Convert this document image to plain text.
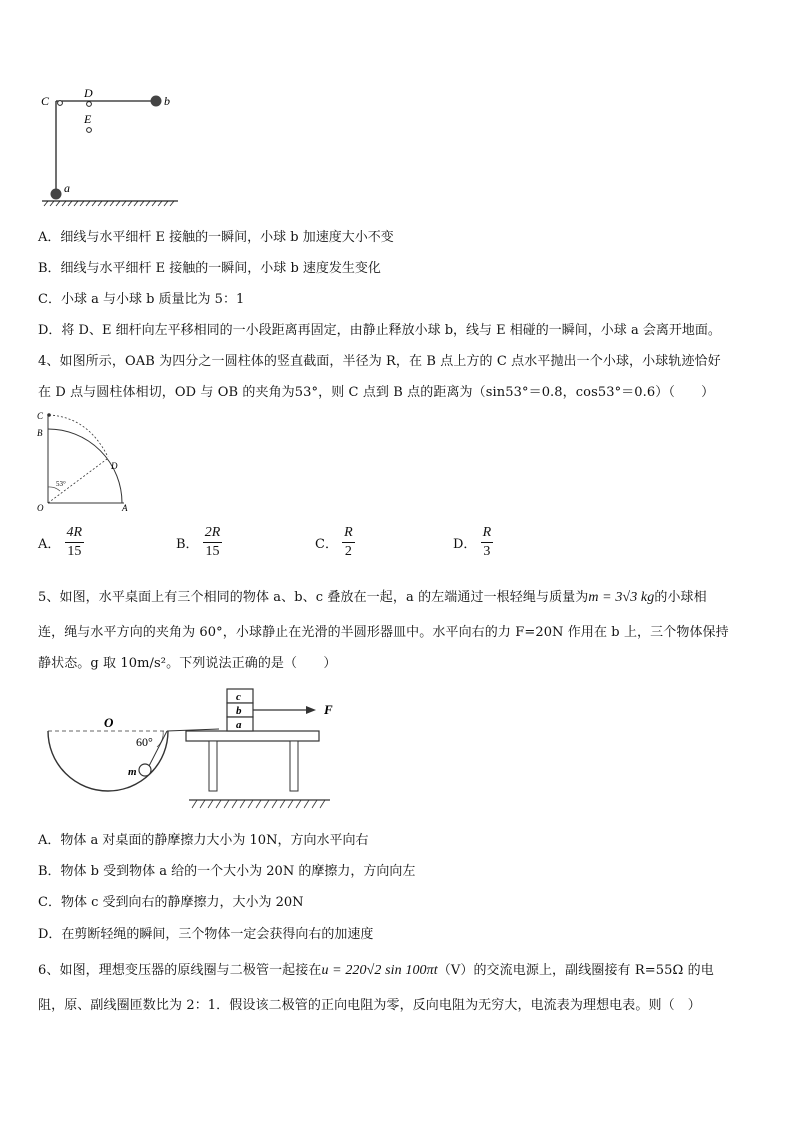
C
D
E
b
a
A．细线与水平细杆 E 接触的一瞬间，小球 b 加速度大小不变
B．细线与水平细杆 E 接触的一瞬间，小球 b 速度发生变化
C．小球 a 与小球 b 质量比为 5：1
D．将 D、E 细杆向左平移相同的一小段距离再固定，由静止释放小球 b，线与 E 相碰的一瞬间，小球 a 会离开地面。
4、如图所示，OAB 为四分之一圆柱体的竖直截面，半径为 R，在 B 点上方的 C 点水平抛出一个小球，小球轨迹恰好
在 D 点与圆柱体相切，OD 与 OB 的夹角为53°，则 C 点到 B 点的距离为（sin53°＝0.8，cos53°＝0.6）（　　）
C
B
D
O	A
53°
A． $\frac{4R}{15}$	B． $\frac{2R}{15}$	C． $\frac{R}{2}$	D． $\frac{R}{3}$
5、如图，水平桌面上有三个相同的物体 a、b、c 叠放在一起，a 的左端通过一根轻绳与质量为m = 3√3 kg的小球相
连，绳与水平方向的夹角为 60°，小球静止在光滑的半圆形器皿中。水平向右的力 F=20N 作用在 b 上，三个物体保持
静状态。g 取 10m/s²。下列说法正确的是（　　）
O
60°
m
c
b
a
F
A．物体 a 对桌面的静摩擦力大小为 10N，方向水平向右
B．物体 b 受到物体 a 给的一个大小为 20N 的摩擦力，方向向左
C．物体 c 受到向右的静摩擦力，大小为 20N
D．在剪断轻绳的瞬间，三个物体一定会获得向右的加速度
6、如图，理想变压器的原线圈与二极管一起接在u = 220√2 sin 100πt（V）的交流电源上，副线圈接有 R=55Ω 的电
阻，原、副线圈匝数比为 2：1．假设该二极管的正向电阻为零，反向电阻为无穷大，电流表为理想电表。则（　）
